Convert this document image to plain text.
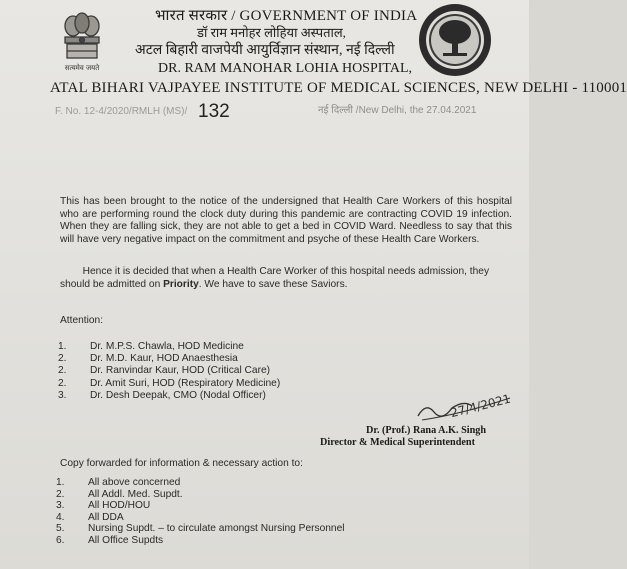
सत्यमेव जयते
भारत सरकार / GOVERNMENT OF INDIA
डॉ राम मनोहर लोहिया अस्पताल,
अटल बिहारी वाजपेयी आयुर्विज्ञान संस्थान, नई दिल्ली
DR. RAM MANOHAR LOHIA HOSPITAL,
ATAL BIHARI VAJPAYEE INSTITUTE OF MEDICAL SCIENCES, NEW DELHI - 110001
F. No. 12-4/2020/RMLH (MS)/ 132	नई दिल्ली /New Delhi, the 27.04.2021
This has been brought to the notice of the undersigned that Health Care Workers of this hospital who are performing round the clock duty during this pandemic are contracting COVID 19 infection. When they are falling sick, they are not able to get a bed in COVID Ward. Needless to say that this will have very negative impact on the commitment and psyche of these Health Care Workers.
Hence it is decided that when a Health Care Worker of this hospital needs admission, they should be admitted on Priority. We have to save these Saviors.
Attention:
1.	Dr. M.P.S. Chawla, HOD Medicine
2.	Dr. M.D. Kaur, HOD Anaesthesia
2.	Dr. Ranvindar Kaur, HOD (Critical Care)
2.	Dr. Amit Suri, HOD (Respiratory Medicine)
3.	Dr. Desh Deepak, CMO (Nodal Officer)	27/4/2021
Dr. (Prof.) Rana A.K. Singh
Director & Medical Superintendent
Copy forwarded for information & necessary action to:
1.	All above concerned
2.	All Addl. Med. Supdt.
3.	All HOD/HOU
4.	All DDA
5.	Nursing Supdt. – to circulate amongst Nursing Personnel
6.	All Office Supdts
